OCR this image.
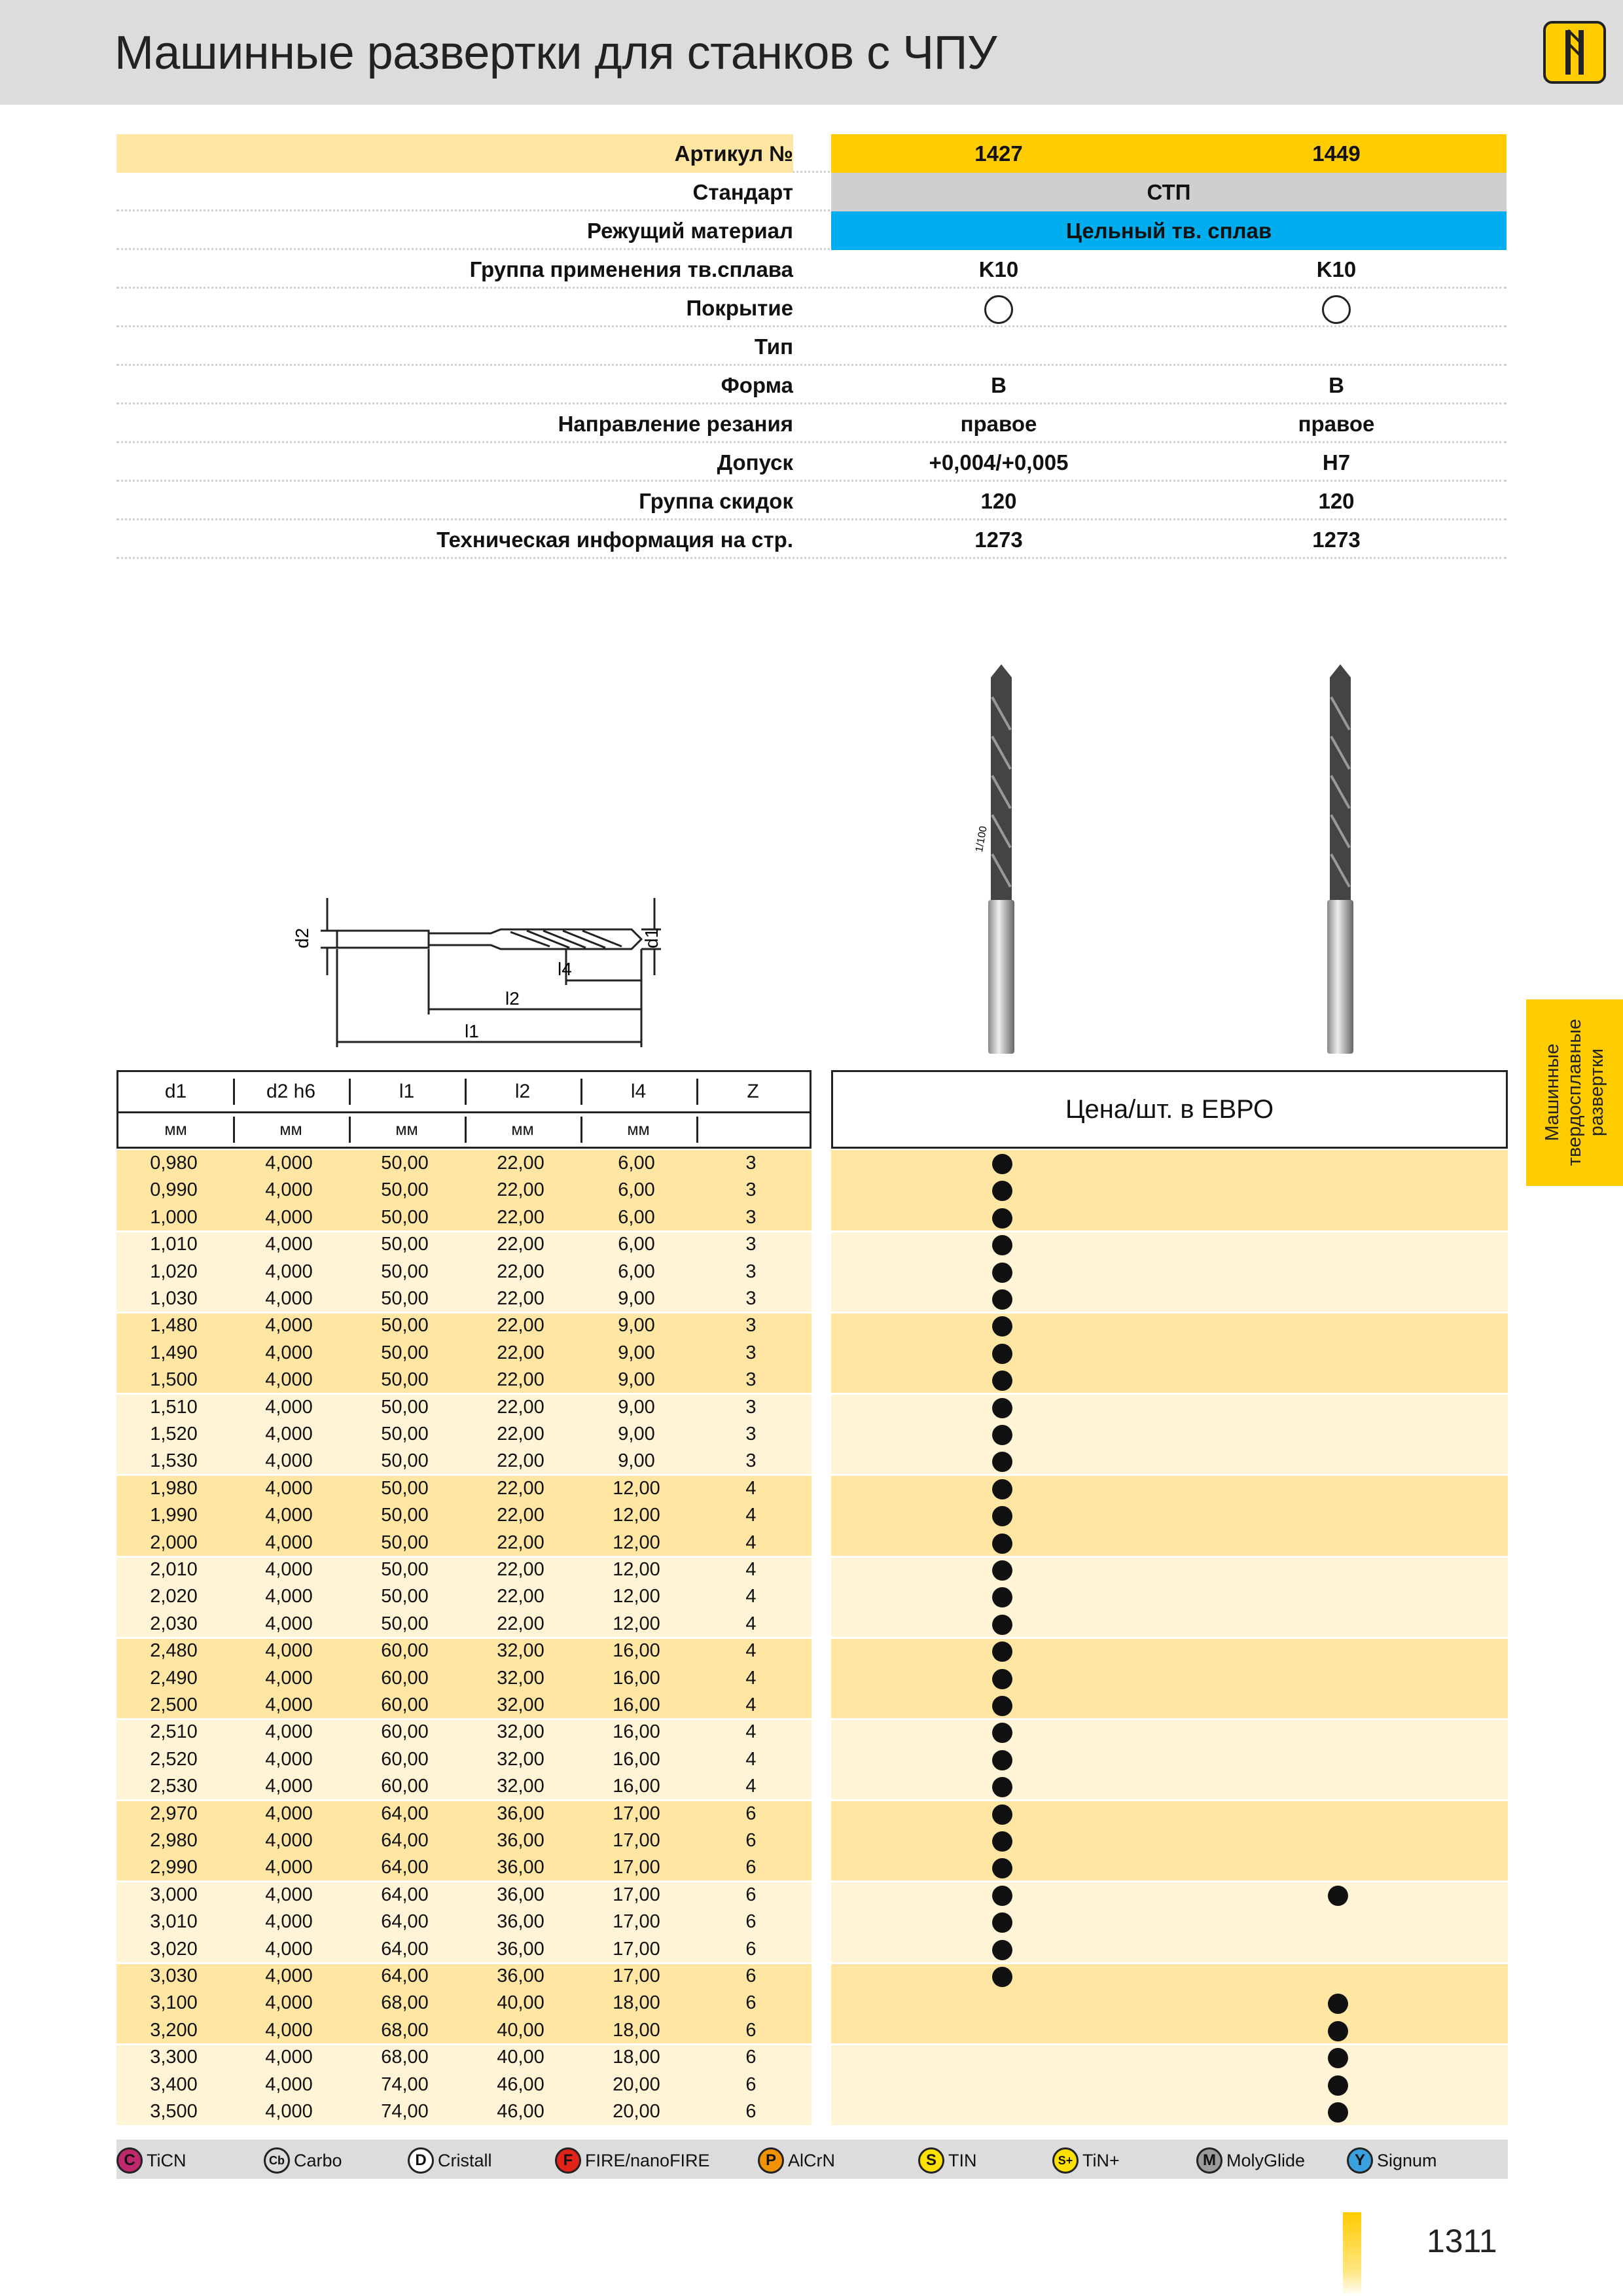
Машинные развертки для станков с ЧПУ
Артикул №	1427	1449
Стандарт	СТП
Режущий материал	Цельный тв. сплав
Группа применения тв.сплава	K10	K10
Покрытие
Тип
Форма	B	B
Направление резания	правое	правое
Допуск	+0,004/+0,005	H7
Группа скидок	120	120
Техническая информация на стр.	1273	1273
d2	d1
l4
l2
l1
1/100
Машинные твердосплавные развертки
d1	d2 h6	l1	l2	l4	Z
мм	мм	мм	мм	мм
Цена/шт. в ЕВРО
0,980	4,000	50,00	22,00	6,00	3
0,990	4,000	50,00	22,00	6,00	3
1,000	4,000	50,00	22,00	6,00	3
1,010	4,000	50,00	22,00	6,00	3
1,020	4,000	50,00	22,00	6,00	3
1,030	4,000	50,00	22,00	9,00	3
1,480	4,000	50,00	22,00	9,00	3
1,490	4,000	50,00	22,00	9,00	3
1,500	4,000	50,00	22,00	9,00	3
1,510	4,000	50,00	22,00	9,00	3
1,520	4,000	50,00	22,00	9,00	3
1,530	4,000	50,00	22,00	9,00	3
1,980	4,000	50,00	22,00	12,00	4
1,990	4,000	50,00	22,00	12,00	4
2,000	4,000	50,00	22,00	12,00	4
2,010	4,000	50,00	22,00	12,00	4
2,020	4,000	50,00	22,00	12,00	4
2,030	4,000	50,00	22,00	12,00	4
2,480	4,000	60,00	32,00	16,00	4
2,490	4,000	60,00	32,00	16,00	4
2,500	4,000	60,00	32,00	16,00	4
2,510	4,000	60,00	32,00	16,00	4
2,520	4,000	60,00	32,00	16,00	4
2,530	4,000	60,00	32,00	16,00	4
2,970	4,000	64,00	36,00	17,00	6
2,980	4,000	64,00	36,00	17,00	6
2,990	4,000	64,00	36,00	17,00	6
3,000	4,000	64,00	36,00	17,00	6
3,010	4,000	64,00	36,00	17,00	6
3,020	4,000	64,00	36,00	17,00	6
3,030	4,000	64,00	36,00	17,00	6
3,100	4,000	68,00	40,00	18,00	6
3,200	4,000	68,00	40,00	18,00	6
3,300	4,000	68,00	40,00	18,00	6
3,400	4,000	74,00	46,00	20,00	6
3,500	4,000	74,00	46,00	20,00	6
C TiCN	Cb Carbo	D Cristall	F FIRE/nanoFIRE	P AlCrN	S TIN	S+ TiN+	M MolyGlide	Y Signum
1311
